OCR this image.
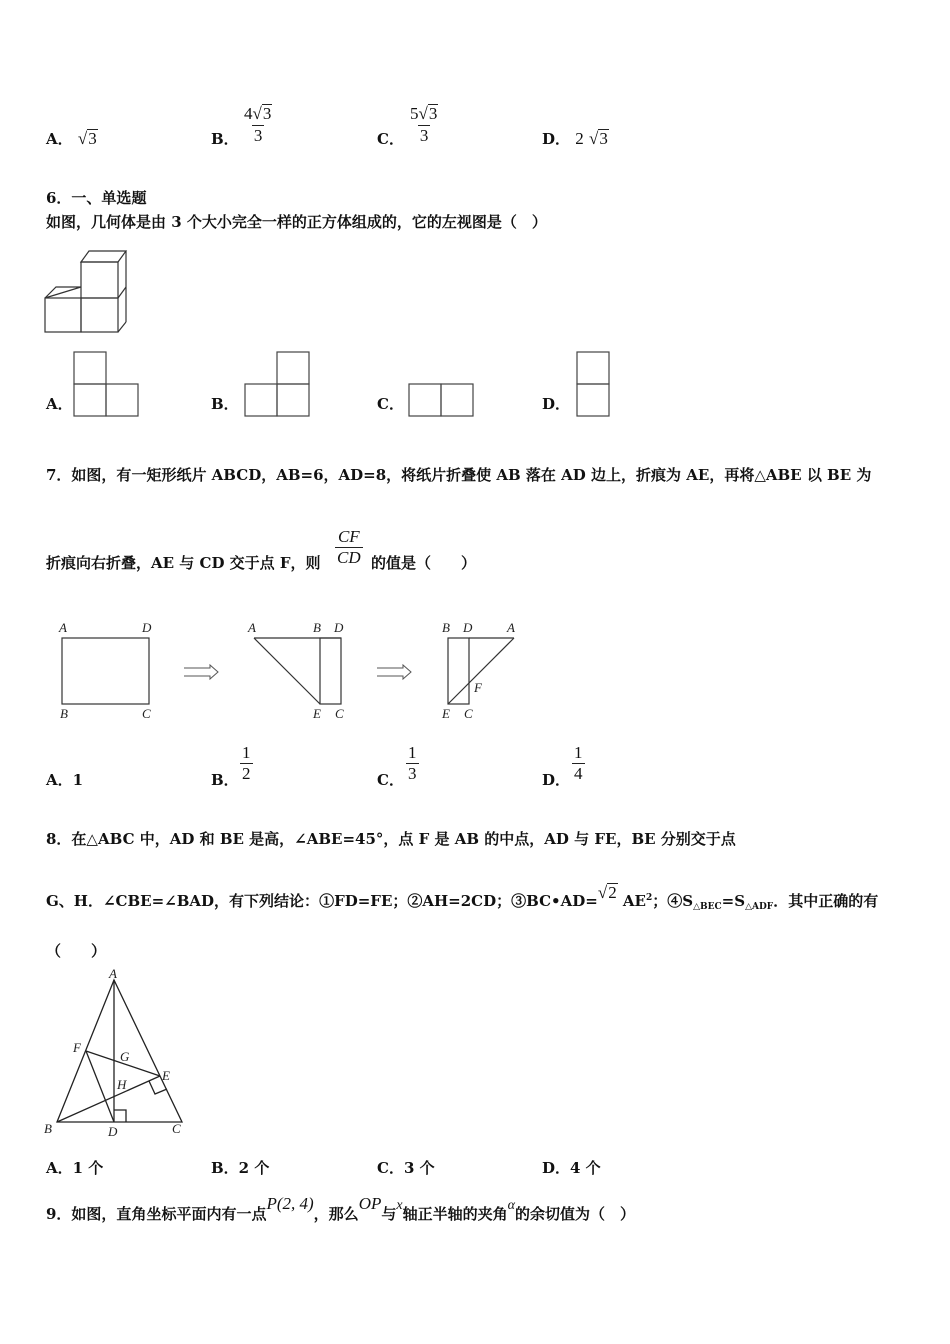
A． √3	B． $\frac{4√3}{3}$	C． $\frac{5√3}{3}$	D． 2 √3
6．一、单选题
如图，几何体是由 3 个大小完全一样的正方体组成的，它的左视图是（　）
A．	B．	C．	D．
7．如图，有一矩形纸片 ABCD，AB=6，AD=8，将纸片折叠使 AB 落在 AD 边上，折痕为 AE，再将△ABE 以 BE 为
折痕向右折叠，AE 与 CD 交于点 F，则 $\frac{CF}{CD}$ 的值是（　　）
A	D
B	C
A	B D
E C
B D	A
F
E C
A．1	B． $\frac{1}{2}$	C． $\frac{1}{3}$	D． $\frac{1}{4}$
8．在△ABC 中，AD 和 BE 是高，∠ABE=45°，点 F 是 AB 的中点，AD 与 FE，BE 分别交于点
G、H．∠CBE=∠BAD，有下列结论：①FD=FE；②AH=2CD；③BC•AD=√2 $AE^2$；$④S_{\triangle BEC}=S_{\triangle ADF}$．其中正确的有
（　　）
A
F
G
E
H
B	D	C
A．1 个	B．2 个	C．3 个	D．4 个
9．如图，直角坐标平面内有一点P(2, 4)，那么OP与x轴正半轴的夹角α的余切值为（　）
